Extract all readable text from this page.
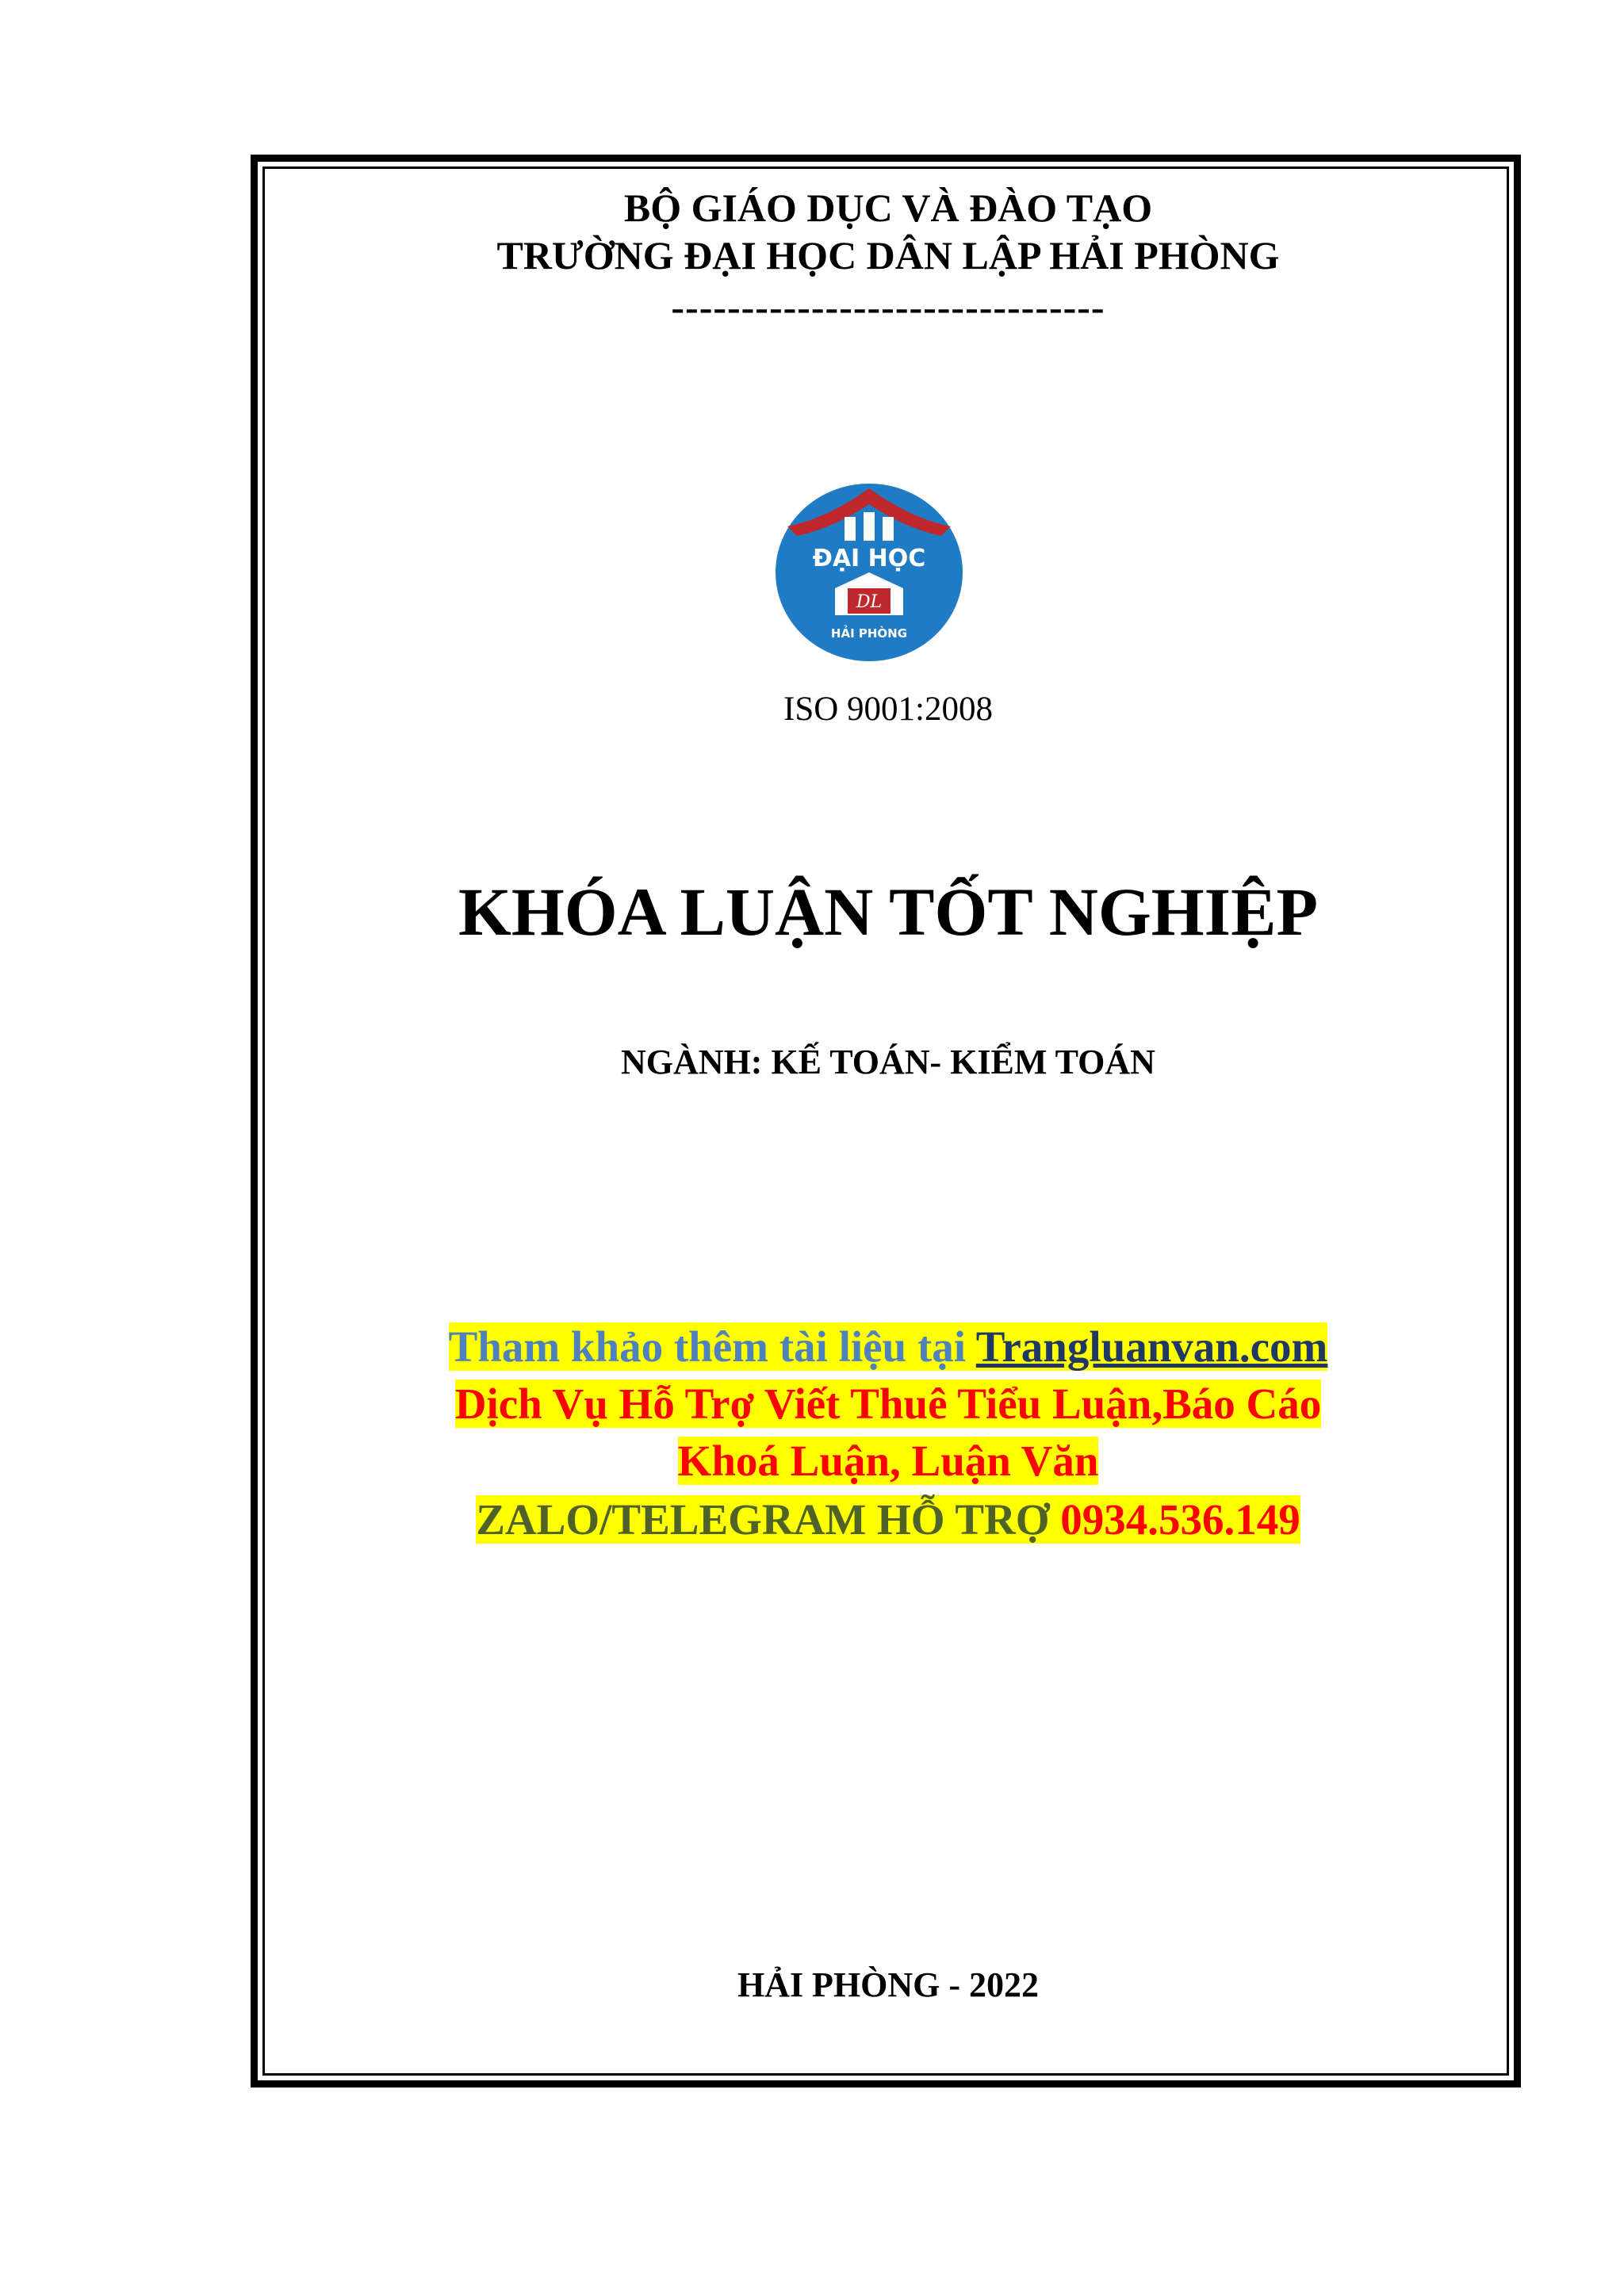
BỘ GIÁO DỤC VÀ ĐÀO TẠO
TRƯỜNG ĐẠI HỌC DÂN LẬP HẢI PHÒNG
-------------------------------
ĐẠI HỌC
DL
HẢI PHÒNG
ISO 9001:2008
KHÓA LUẬN TỐT NGHIỆP
NGÀNH: KẾ TOÁN- KIỂM TOÁN
Tham khảo thêm tài liệu tại Trangluanvan.com
Dịch Vụ Hỗ Trợ Viết Thuê Tiểu Luận,Báo Cáo
Khoá Luận, Luận Văn
ZALO/TELEGRAM HỖ TRỢ 0934.536.149
HẢI PHÒNG - 2022
